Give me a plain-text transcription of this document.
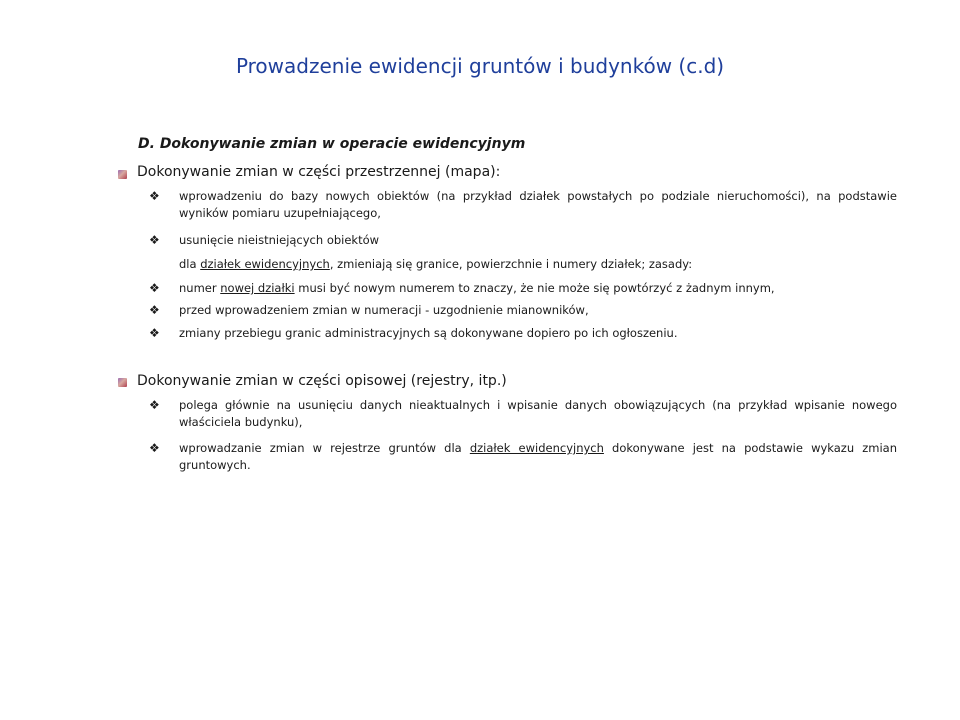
Prowadzenie ewidencji gruntów i budynków (c.d)
D. Dokonywanie zmian w operacie ewidencyjnym
Dokonywanie zmian w części przestrzennej (mapa):
❖ wprowadzeniu do bazy nowych obiektów (na przykład działek powstałych po podziale nieruchomości), na podstawie wyników pomiaru uzupełniającego,
❖ usunięcie nieistniejących obiektów
dla działek ewidencyjnych, zmieniają się granice, powierzchnie i numery działek; zasady:
❖ numer nowej działki musi być nowym numerem to znaczy, że nie może się powtórzyć z żadnym innym,
❖ przed wprowadzeniem zmian w numeracji - uzgodnienie mianowników,
❖ zmiany przebiegu granic administracyjnych są dokonywane dopiero po ich ogłoszeniu.
Dokonywanie zmian w części opisowej (rejestry, itp.)
❖ polega głównie na usunięciu danych nieaktualnych i wpisanie danych obowiązujących (na przykład wpisanie nowego właściciela budynku),
❖ wprowadzanie zmian w rejestrze gruntów dla działek ewidencyjnych dokonywane jest na podstawie wykazu zmian gruntowych.
